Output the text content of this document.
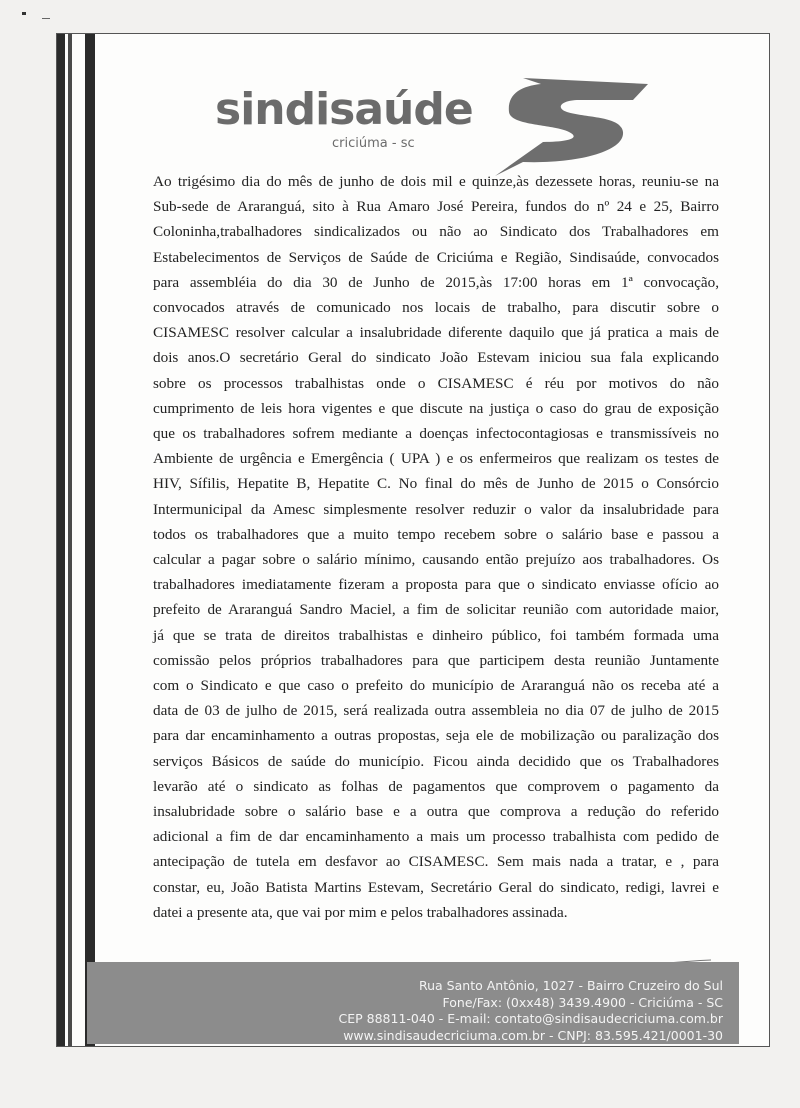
sindisaúde
criciúma - sc
Ao trigésimo dia do mês de junho de dois mil e quinze,às dezessete horas, reuniu-se na
Sub-sede de Araranguá, sito à Rua Amaro José Pereira, fundos do nº 24 e 25, Bairro
Coloninha,trabalhadores sindicalizados ou não ao Sindicato dos Trabalhadores em
Estabelecimentos de Serviços de Saúde de Criciúma e Região, Sindisaúde, convocados
para assembléia do dia 30 de Junho de 2015,às 17:00 horas em 1ª convocação,
convocados através de comunicado nos locais de trabalho, para discutir sobre o
CISAMESC resolver calcular a insalubridade diferente daquilo que já pratica a mais de
dois anos.O secretário Geral do sindicato João Estevam iniciou sua fala explicando
sobre os processos trabalhistas onde o CISAMESC é réu por motivos do não
cumprimento de leis hora vigentes e que discute na justiça o caso do grau de exposição
que os trabalhadores sofrem mediante a doenças infectocontagiosas e transmissíveis no
Ambiente de urgência e Emergência ( UPA ) e os enfermeiros que realizam os testes de
HIV, Sífilis, Hepatite B, Hepatite C. No final do mês de Junho de 2015 o Consórcio
Intermunicipal da Amesc simplesmente resolver reduzir o valor da insalubridade para
todos os trabalhadores que a muito tempo recebem sobre o salário base e passou a
calcular a pagar sobre o salário mínimo, causando então prejuízo aos trabalhadores. Os
trabalhadores imediatamente fizeram a proposta para que o sindicato enviasse ofício ao
prefeito de Araranguá Sandro Maciel, a fim de solicitar reunião com autoridade maior,
já que se trata de direitos trabalhistas e dinheiro público, foi também formada uma
comissão pelos próprios trabalhadores para que participem desta reunião Juntamente
com o Sindicato e que caso o prefeito do município de Araranguá não os receba até a
data de 03 de julho de 2015, será realizada outra assembleia no dia 07 de julho de 2015
para dar encaminhamento a outras propostas, seja ele de mobilização ou paralização dos
serviços Básicos de saúde do município. Ficou ainda decidido que os Trabalhadores
levarão até o sindicato as folhas de pagamentos que comprovem o pagamento da
insalubridade sobre o salário base e a outra que comprova a redução do referido
adicional a fim de dar encaminhamento a mais um processo trabalhista com pedido de
antecipação de tutela em desfavor ao CISAMESC. Sem mais nada a tratar, e , para
constar, eu, João Batista Martins Estevam, Secretário Geral do sindicato, redigi, lavrei e
datei a presente ata, que vai por mim e pelos trabalhadores assinada.
Rua Santo Antônio, 1027 - Bairro Cruzeiro do Sul
Fone/Fax: (0xx48) 3439.4900 - Criciúma - SC
CEP 88811-040 - E-mail: contato@sindisaudecriciuma.com.br
www.sindisaudecriciuma.com.br - CNPJ: 83.595.421/0001-30
